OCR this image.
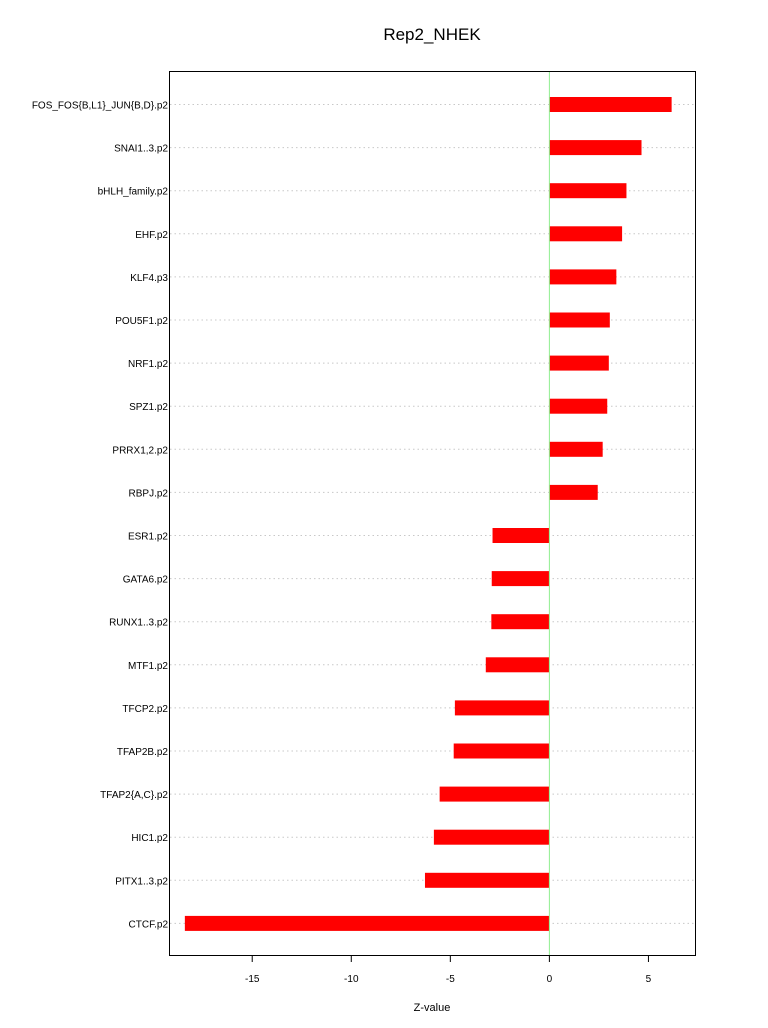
Rep2_NHEK
FOS_FOS{B,L1}_JUN{B,D}.p2
SNAI1..3.p2
bHLH_family.p2
EHF.p2
KLF4.p3
POU5F1.p2
NRF1.p2
SPZ1.p2
PRRX1,2.p2
RBPJ.p2
ESR1.p2
GATA6.p2
RUNX1..3.p2
MTF1.p2
TFCP2.p2
TFAP2B.p2
TFAP2{A,C}.p2
HIC1.p2
PITX1..3.p2
CTCF.p2
-15	-10	-5	0	5
Z-value
